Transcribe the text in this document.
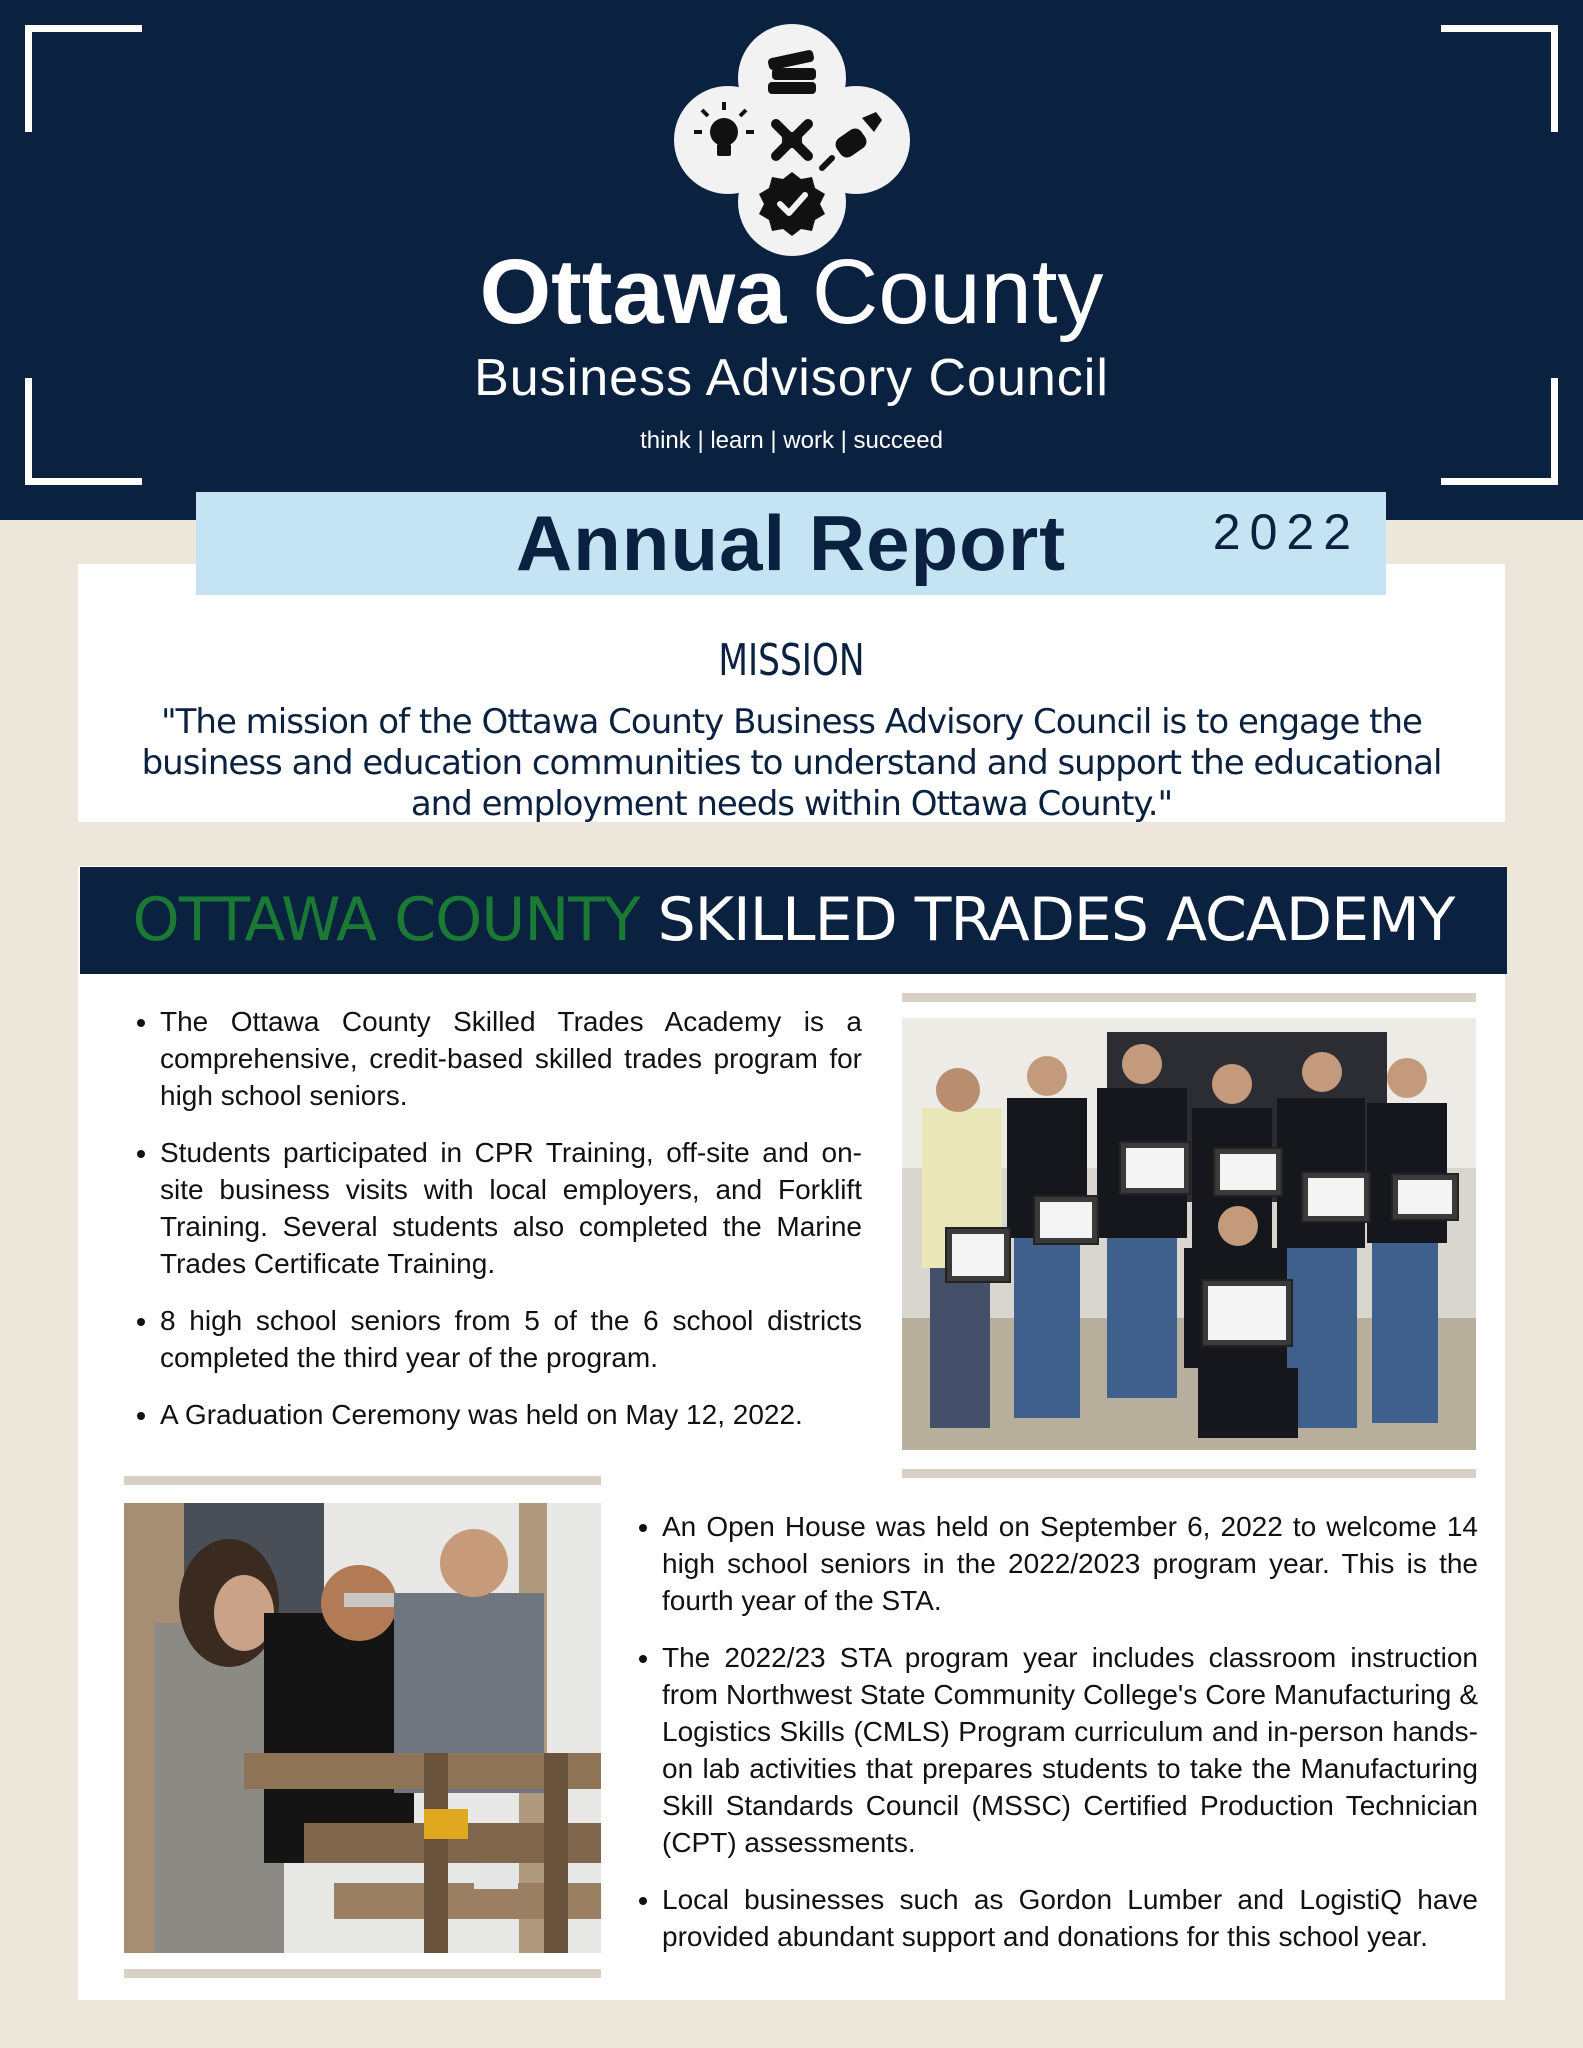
Ottawa County
Business Advisory Council
think | learn | work | succeed
MISSION
"The mission of the Ottawa County Business Advisory Council is to engage the business and education communities to understand and support the educational and employment needs within Ottawa County."
Annual Report	2022
OTTAWA COUNTY SKILLED TRADES ACADEMY
• The Ottawa County Skilled Trades Academy is a comprehensive, credit-based skilled trades program for high school seniors.
• Students participated in CPR Training, off-site and on-site business visits with local employers, and Forklift Training. Several students also completed the Marine Trades Certificate Training.
• 8 high school seniors from 5 of the 6 school districts completed the third year of the program.
• A Graduation Ceremony was held on May 12, 2022.
• An Open House was held on September 6, 2022 to welcome 14 high school seniors in the 2022/2023 program year. This is the fourth year of the STA.
• The 2022/23 STA program year includes classroom instruction from Northwest State Community College's Core Manufacturing & Logistics Skills (CMLS) Program curriculum and in-person hands-on lab activities that prepares students to take the Manufacturing Skill Standards Council (MSSC) Certified Production Technician (CPT) assessments.
• Local businesses such as Gordon Lumber and LogistiQ have provided abundant support and donations for this school year.
